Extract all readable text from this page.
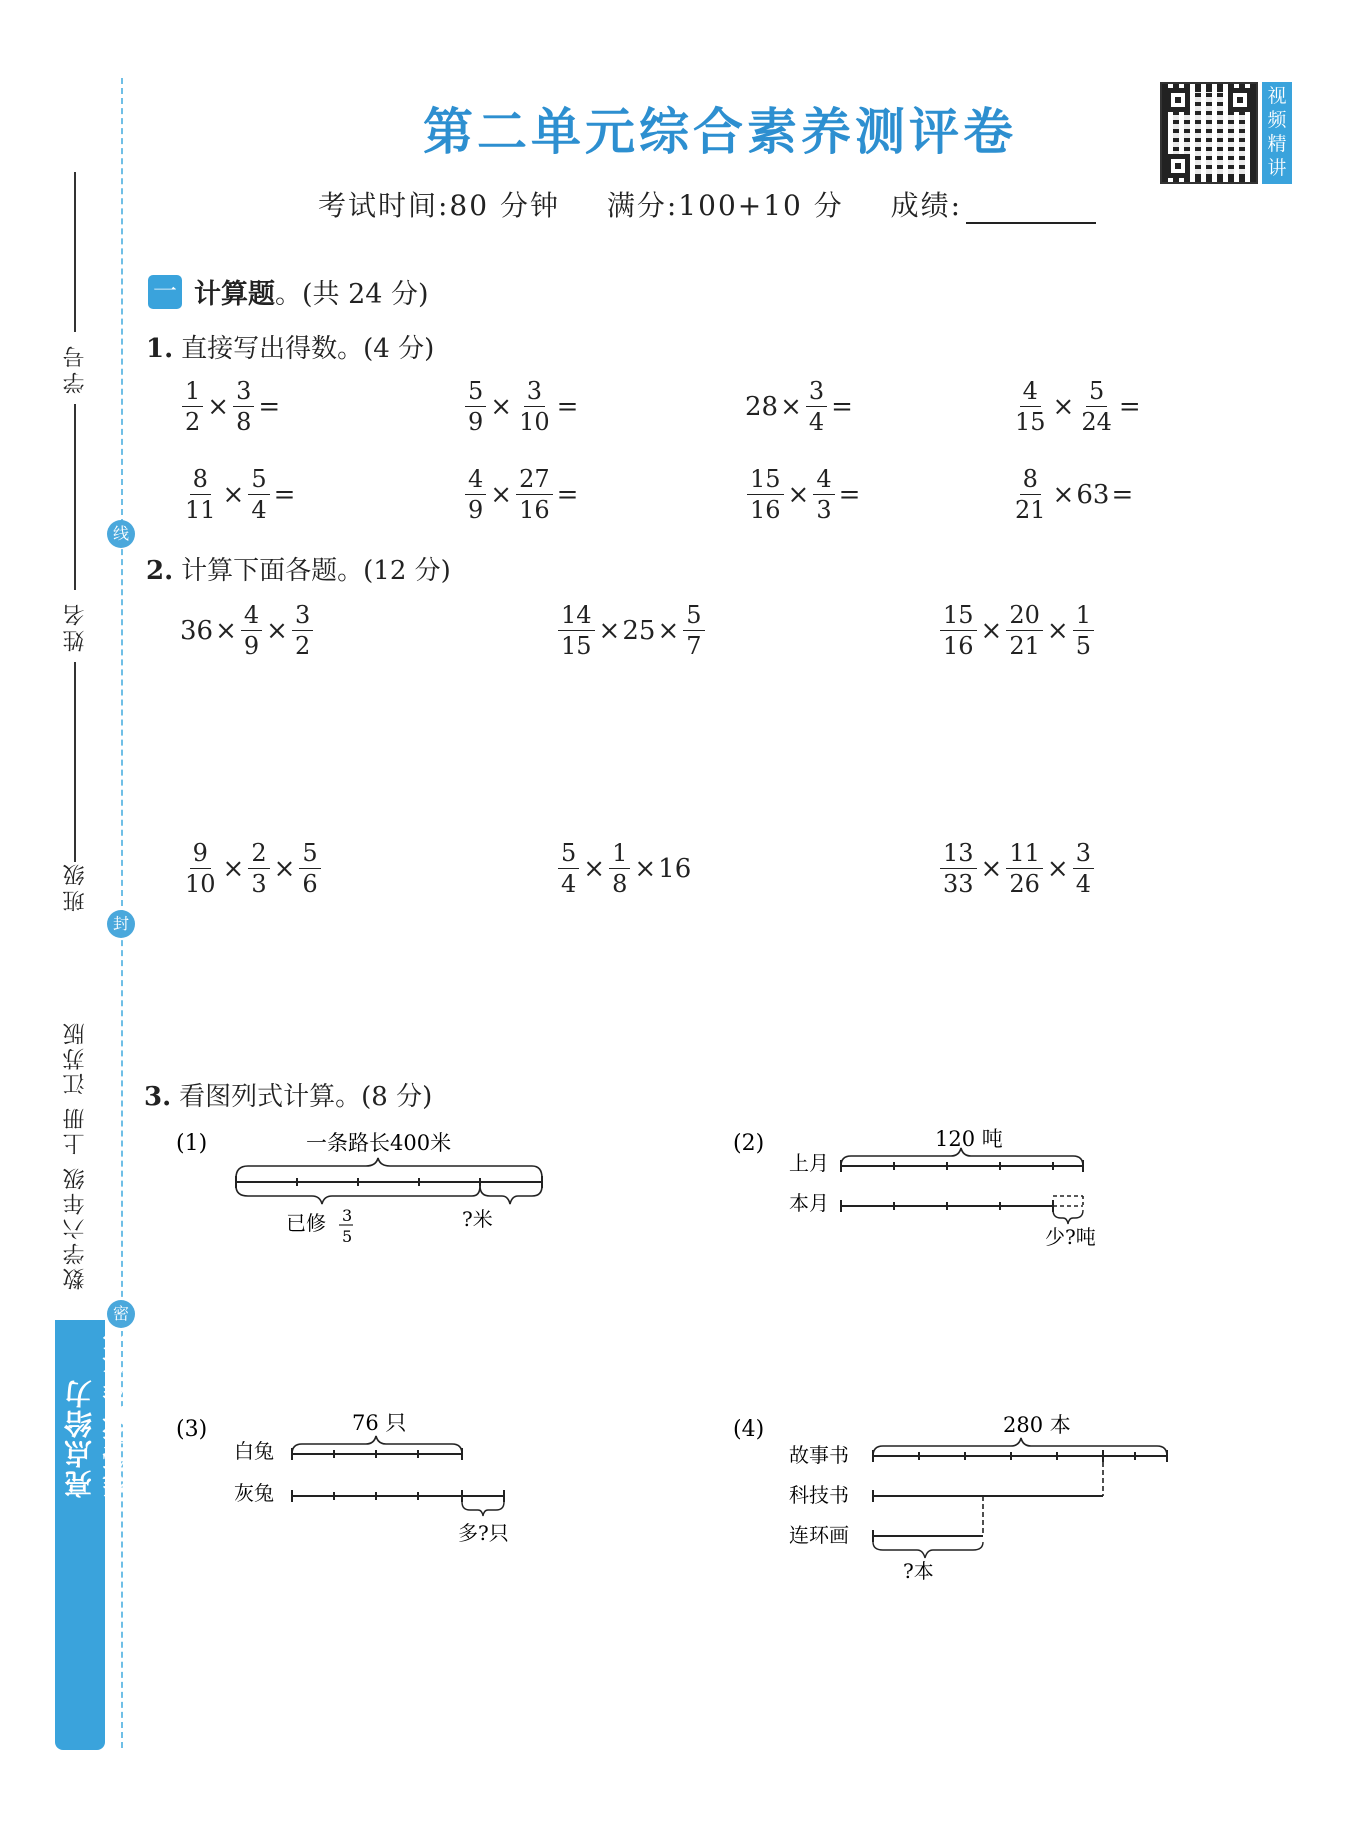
线
封
密
学号
姓名
班级
数学六年级 上册 江苏版
亮点给力 提优课时作业本
第二单元综合素养测评卷
视
频
精
讲
考试时间:80 分钟 满分:100+10 分 成绩:
一 计算题 。(共 24 分)
1. 直接写出得数。(4 分)
$\frac{1}{2} \times \frac{3}{8}$ =	$\frac{5}{9} \times \frac{3}{10}$ =	$28 \times \frac{3}{4}$ =	$\frac{4}{15} \times \frac{5}{24}$ =
$\frac{8}{11} \times \frac{5}{4}$ =	$\frac{4}{9} \times \frac{27}{16}$ =	$\frac{15}{16} \times \frac{4}{3}$ =	$\frac{8}{21} \times 63$ =
2. 计算下面各题。(12 分)
$36 \times \frac{4}{9} \times \frac{3}{2}$	$\frac{14}{15} \times 25 \times \frac{5}{7}$	$\frac{15}{16} \times \frac{20}{21} \times \frac{1}{5}$
$\frac{9}{10} \times \frac{2}{3} \times \frac{5}{6}$	$\frac{5}{4} \times \frac{1}{8} \times 16$	$\frac{13}{33} \times \frac{11}{26} \times \frac{3}{4}$
3. 看图列式计算。(8 分)
(1)	一条路长400米
已修 3
5
?米
(2)	120 吨
上月
本月
少?吨
(3)	76 只
白兔
灰兔
多?只
(4)	280 本
故事书
科技书
连环画
?本
